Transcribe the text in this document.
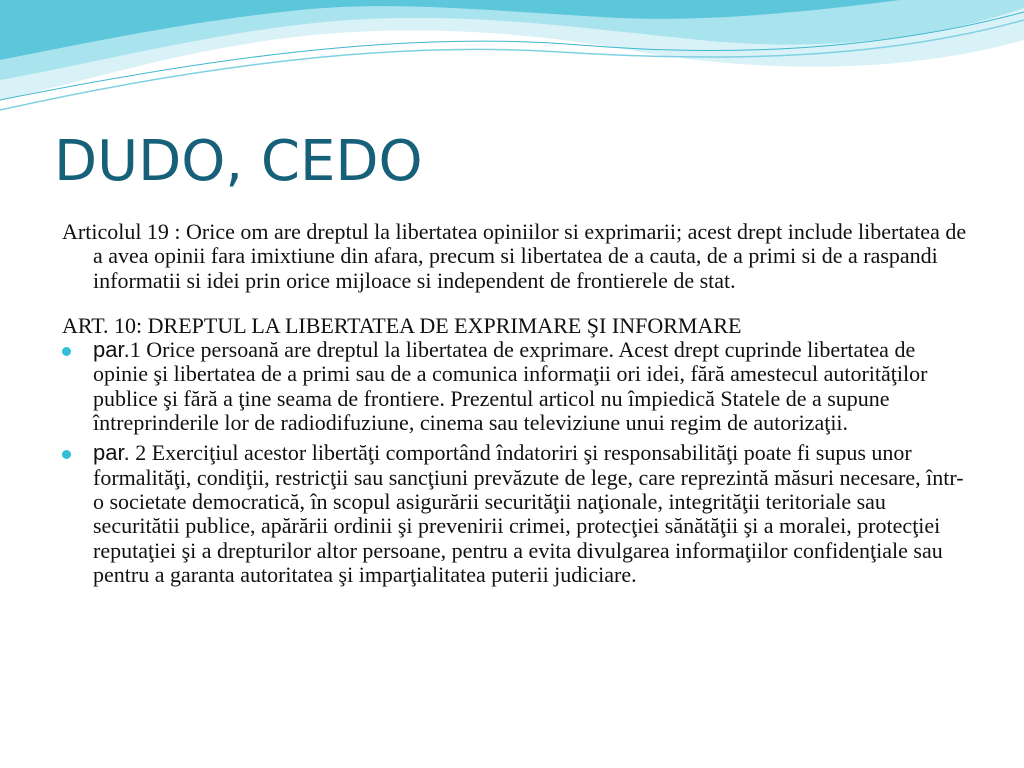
DUDO, CEDO

Articolul 19 : Orice om are dreptul la libertatea opiniilor si exprimarii; acest drept include libertatea de a avea opinii fara imixtiune din afara, precum si libertatea de a cauta, de a primi si de a raspandi informatii si idei prin orice mijloace si independent de frontierele de stat.

ART. 10: DREPTUL LA LIBERTATEA DE EXPRIMARE ŞI INFORMARE

par.1 Orice persoană are dreptul la libertatea de exprimare. Acest drept cuprinde libertatea de opinie şi libertatea de a primi sau de a comunica informaţii ori idei, fără amestecul autorităţilor publice şi fără a ţine seama de frontiere. Prezentul articol nu împiedică Statele de a supune întreprinderile lor de radiodifuziune, cinema sau televiziune unui regim de autorizaţii.
par. 2 Exerciţiul acestor libertăţi comportând îndatoriri şi responsabilităţi poate fi supus unor formalităţi, condiţii, restricţii sau sancţiuni prevăzute de lege, care reprezintă măsuri necesare, într-o societate democratică, în scopul asigurării securităţii naţionale, integrităţii teritoriale sau securitătii publice, apărării ordinii şi prevenirii crimei, protecţiei sănătăţii şi a moralei, protecţiei reputaţiei şi a drepturilor altor persoane, pentru a evita divulgarea informaţiilor confidenţiale sau pentru a garanta autoritatea şi imparţialitatea puterii judiciare.
